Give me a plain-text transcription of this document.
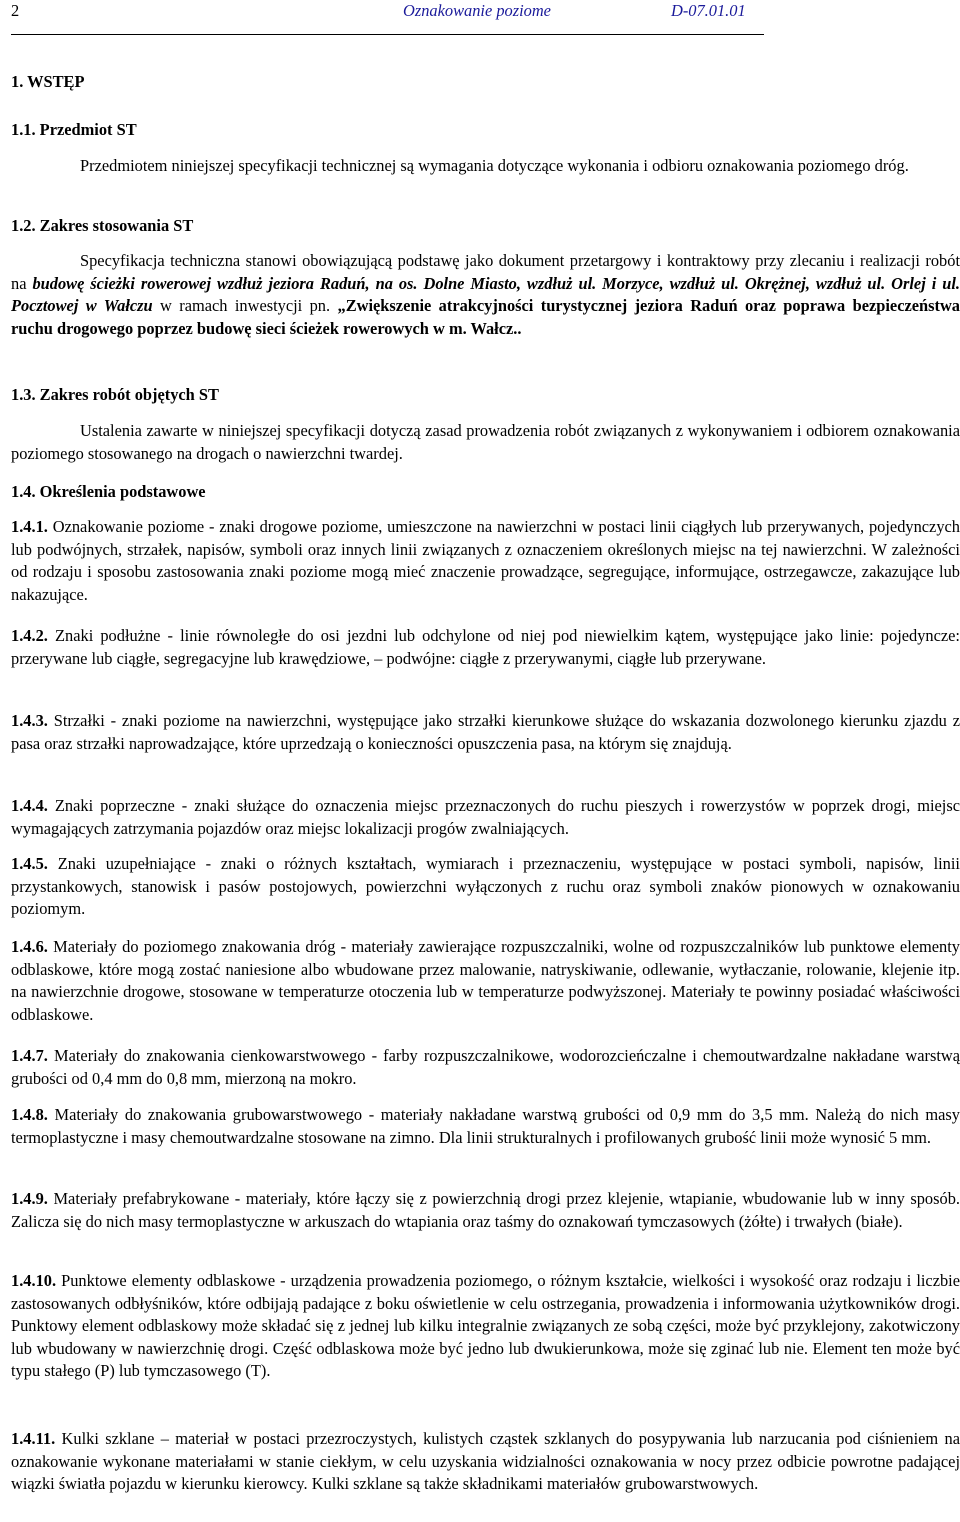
2	Oznakowanie poziome	D-07.01.01
1. WSTĘP
1.1. Przedmiot ST

Przedmiotem niniejszej specyfikacji technicznej są wymagania dotyczące wykonania i odbioru oznakowania poziomego dróg.

1.2. Zakres stosowania ST

Specyfikacja techniczna stanowi obowiązującą podstawę jako dokument przetargowy i kontraktowy przy zlecaniu i realizacji robót na budowę ścieżki rowerowej wzdłuż jeziora Raduń, na os. Dolne Miasto, wzdłuż ul. Morzyce, wzdłuż ul. Okrężnej, wzdłuż ul. Orlej i ul. Pocztowej w Wałczu w ramach inwestycji pn. „Zwiększenie atrakcyjności turystycznej jeziora Raduń oraz poprawa bezpieczeństwa ruchu drogowego poprzez budowę sieci ścieżek rowerowych w m. Wałcz..

1.3. Zakres robót objętych ST

Ustalenia zawarte w niniejszej specyfikacji dotyczą zasad prowadzenia robót związanych z wykonywaniem i odbiorem oznakowania poziomego stosowanego na drogach o nawierzchni twardej.

1.4. Określenia podstawowe

1.4.1. Oznakowanie poziome - znaki drogowe poziome, umieszczone na nawierzchni w postaci linii ciągłych lub przerywanych, pojedynczych lub podwójnych, strzałek, napisów, symboli oraz innych linii związanych z oznaczeniem określonych miejsc na tej nawierzchni. W zależności od rodzaju i sposobu zastosowania znaki poziome mogą mieć znaczenie prowadzące, segregujące, informujące, ostrzegawcze, zakazujące lub nakazujące.

1.4.2. Znaki podłużne - linie równoległe do osi jezdni lub odchylone od niej pod niewielkim kątem, występujące jako linie: pojedyncze: przerywane lub ciągłe, segregacyjne lub krawędziowe, – podwójne: ciągłe z przerywanymi, ciągłe lub przerywane.

1.4.3. Strzałki - znaki poziome na nawierzchni, występujące jako strzałki kierunkowe służące do wskazania dozwolonego kierunku zjazdu z pasa oraz strzałki naprowadzające, które uprzedzają o konieczności opuszczenia pasa, na którym się znajdują.

1.4.4. Znaki poprzeczne - znaki służące do oznaczenia miejsc przeznaczonych do ruchu pieszych i rowerzystów w poprzek drogi, miejsc wymagających zatrzymania pojazdów oraz miejsc lokalizacji progów zwalniających.

1.4.5. Znaki uzupełniające - znaki o różnych kształtach, wymiarach i przeznaczeniu, występujące w postaci symboli, napisów, linii przystankowych, stanowisk i pasów postojowych, powierzchni wyłączonych z ruchu oraz symboli znaków pionowych w oznakowaniu poziomym.

1.4.6. Materiały do poziomego znakowania dróg - materiały zawierające rozpuszczalniki, wolne od rozpuszczalników lub punktowe elementy odblaskowe, które mogą zostać naniesione albo wbudowane przez malowanie, natryskiwanie, odlewanie, wytłaczanie, rolowanie, klejenie itp. na nawierzchnie drogowe, stosowane w temperaturze otoczenia lub w temperaturze podwyższonej. Materiały te powinny posiadać właściwości odblaskowe.

1.4.7. Materiały do znakowania cienkowarstwowego - farby rozpuszczalnikowe, wodorozcieńczalne i chemoutwardzalne nakładane warstwą grubości od 0,4 mm do 0,8 mm, mierzoną na mokro.

1.4.8. Materiały do znakowania grubowarstwowego - materiały nakładane warstwą grubości od 0,9 mm do 3,5 mm. Należą do nich masy termoplastyczne i masy chemoutwardzalne stosowane na zimno. Dla linii strukturalnych i profilowanych grubość linii może wynosić 5 mm.

1.4.9. Materiały prefabrykowane - materiały, które łączy się z powierzchnią drogi przez klejenie, wtapianie, wbudowanie lub w inny sposób. Zalicza się do nich masy termoplastyczne w arkuszach do wtapiania oraz taśmy do oznakowań tymczasowych (żółte) i trwałych (białe).

1.4.10. Punktowe elementy odblaskowe - urządzenia prowadzenia poziomego, o różnym kształcie, wielkości i wysokość oraz rodzaju i liczbie zastosowanych odbłyśników, które odbijają padające z boku oświetlenie w celu ostrzegania, prowadzenia i informowania użytkowników drogi. Punktowy element odblaskowy może składać się z jednej lub kilku integralnie związanych ze sobą części, może być przyklejony, zakotwiczony lub wbudowany w nawierzchnię drogi. Część odblaskowa może być jedno lub dwukierunkowa, może się zginać lub nie. Element ten może być typu stałego (P) lub tymczasowego (T).

1.4.11. Kulki szklane – materiał w postaci przezroczystych, kulistych cząstek szklanych do posypywania lub narzucania pod ciśnieniem na oznakowanie wykonane materiałami w stanie ciekłym, w celu uzyskania widzialności oznakowania w nocy przez odbicie powrotne padającej wiązki światła pojazdu w kierunku kierowcy. Kulki szklane są także składnikami materiałów grubowarstwowych.
